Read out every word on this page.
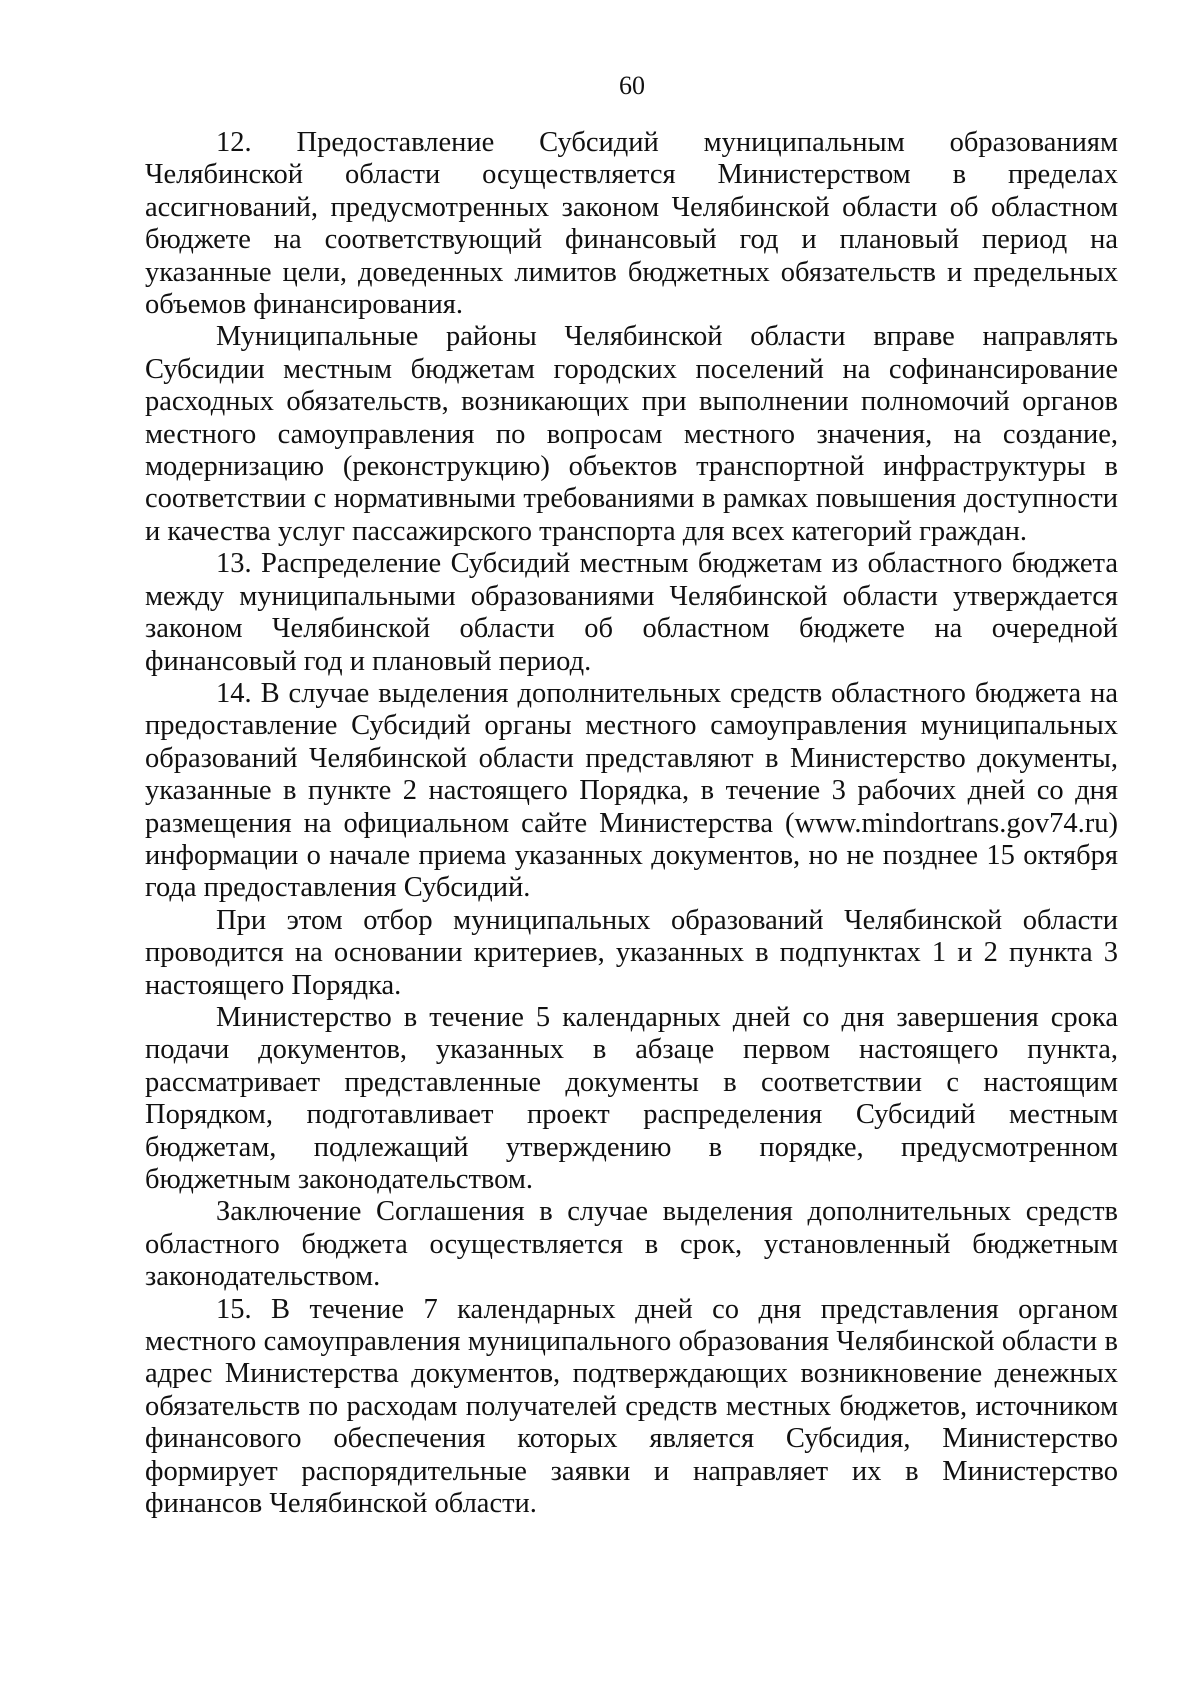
60

12. Предоставление Субсидий муниципальным образованиям Челябинской области осуществляется Министерством в пределах ассигнований, предусмотренных законом Челябинской области об областном бюджете на соответствующий финансовый год и плановый период на указанные цели, доведенных лимитов бюджетных обязательств и предельных объемов финансирования.

Муниципальные районы Челябинской области вправе направлять Субсидии местным бюджетам городских поселений на софинансирование расходных обязательств, возникающих при выполнении полномочий органов местного самоуправления по вопросам местного значения, на создание, модернизацию (реконструкцию) объектов транспортной инфраструктуры в соответствии с нормативными требованиями в рамках повышения доступности и качества услуг пассажирского транспорта для всех категорий граждан.

13. Распределение Субсидий местным бюджетам из областного бюджета между муниципальными образованиями Челябинской области утверждается законом Челябинской области об областном бюджете на очередной финансовый год и плановый период.

14. В случае выделения дополнительных средств областного бюджета на предоставление Субсидий органы местного самоуправления муниципальных образований Челябинской области представляют в Министерство документы, указанные в пункте 2 настоящего Порядка, в течение 3 рабочих дней со дня размещения на официальном сайте Министерства (www.mindortrans.gov74.ru) информации о начале приема указанных документов, но не позднее 15 октября года предоставления Субсидий.

При этом отбор муниципальных образований Челябинской области проводится на основании критериев, указанных в подпунктах 1 и 2 пункта 3 настоящего Порядка.

Министерство в течение 5 календарных дней со дня завершения срока подачи документов, указанных в абзаце первом настоящего пункта, рассматривает представленные документы в соответствии с настоящим Порядком, подготавливает проект распределения Субсидий местным бюджетам, подлежащий утверждению в порядке, предусмотренном бюджетным законодательством.

Заключение Соглашения в случае выделения дополнительных средств областного бюджета осуществляется в срок, установленный бюджетным законодательством.

15. В течение 7 календарных дней со дня представления органом местного самоуправления муниципального образования Челябинской области в адрес Министерства документов, подтверждающих возникновение денежных обязательств по расходам получателей средств местных бюджетов, источником финансового обеспечения которых является Субсидия, Министерство формирует распорядительные заявки и направляет их в Министерство финансов Челябинской области.
